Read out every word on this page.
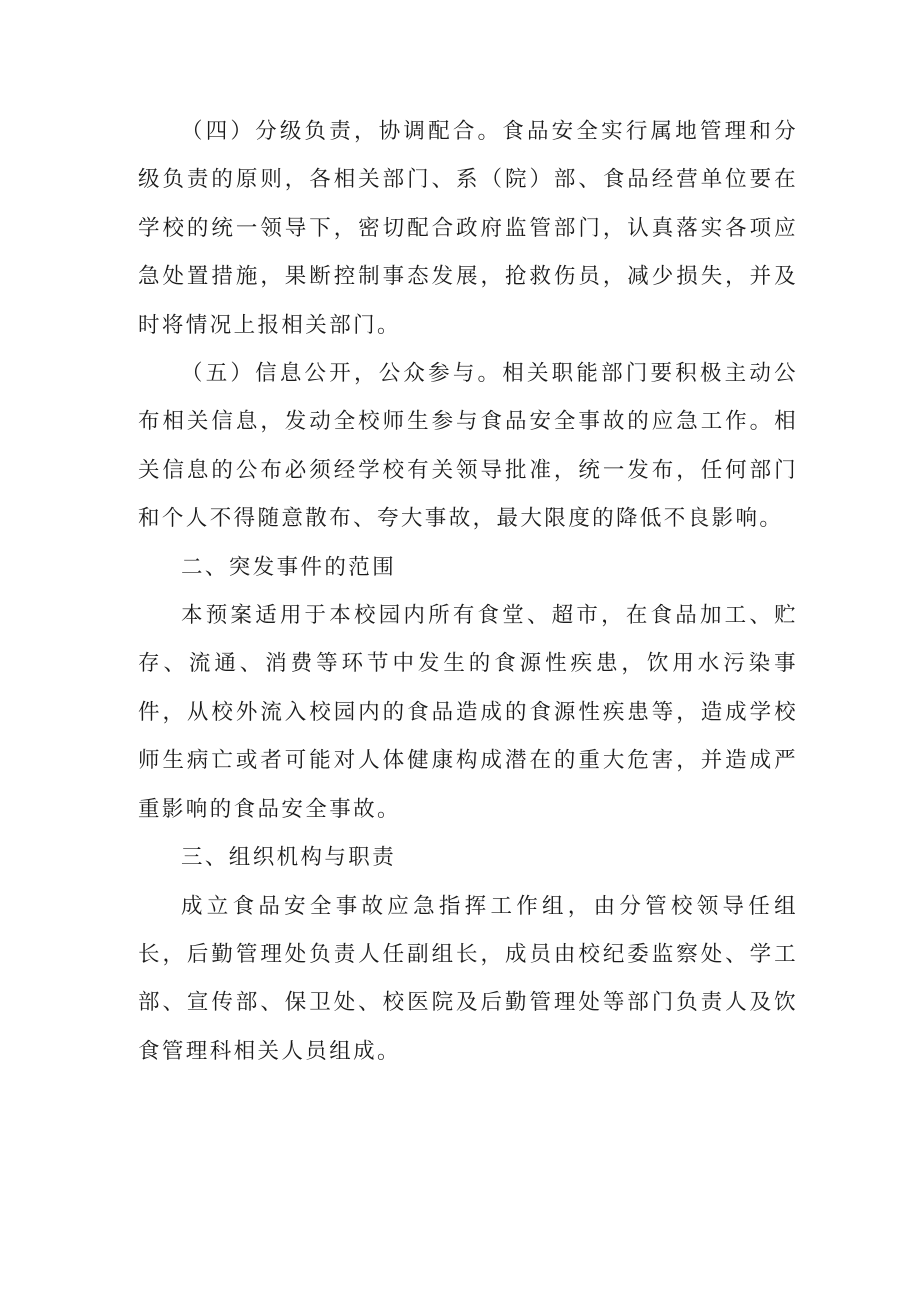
（四）分级负责，协调配合。食品安全实行属地管理和分级负责的原则，各相关部门、系（院）部、食品经营单位要在学校的统一领导下，密切配合政府监管部门，认真落实各项应急处置措施，果断控制事态发展，抢救伤员，减少损失，并及时将情况上报相关部门。

（五）信息公开，公众参与。相关职能部门要积极主动公布相关信息，发动全校师生参与食品安全事故的应急工作。相关信息的公布必须经学校有关领导批准，统一发布，任何部门和个人不得随意散布、夸大事故，最大限度的降低不良影响。

二、突发事件的范围

本预案适用于本校园内所有食堂、超市，在食品加工、贮存、流通、消费等环节中发生的食源性疾患，饮用水污染事件，从校外流入校园内的食品造成的食源性疾患等，造成学校师生病亡或者可能对人体健康构成潜在的重大危害，并造成严重影响的食品安全事故。

三、组织机构与职责

成立食品安全事故应急指挥工作组，由分管校领导任组长，后勤管理处负责人任副组长，成员由校纪委监察处、学工部、宣传部、保卫处、校医院及后勤管理处等部门负责人及饮食管理科相关人员组成。
